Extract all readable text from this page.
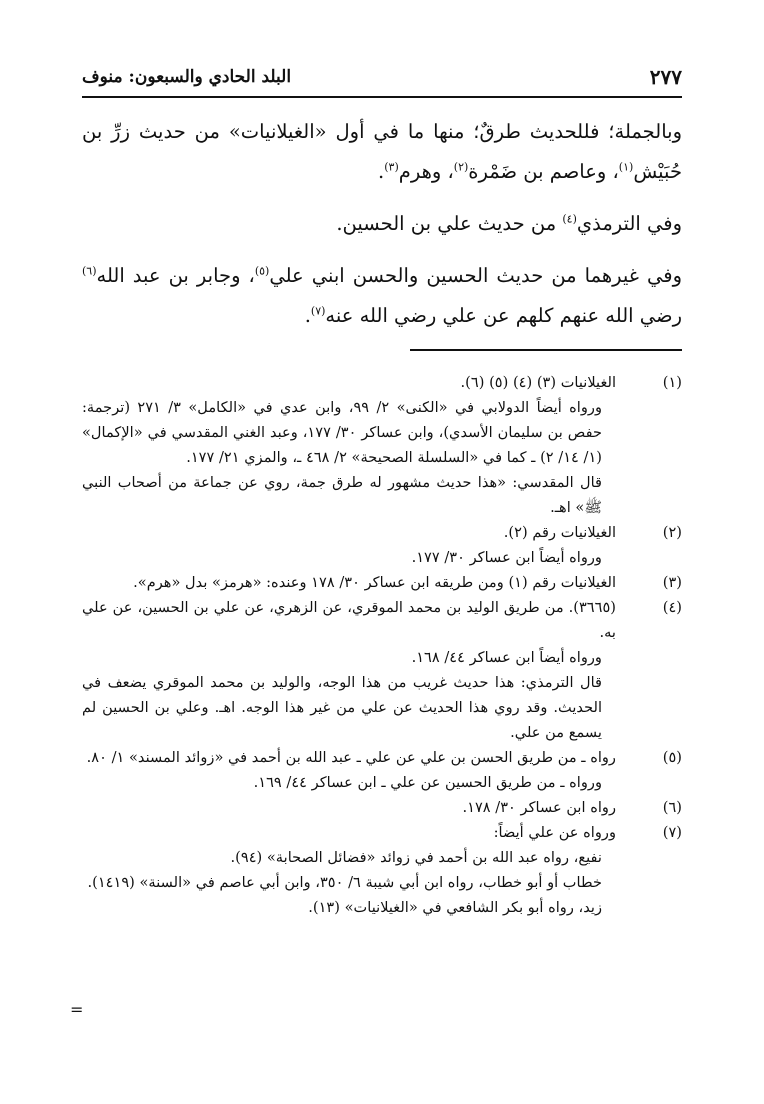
البلد الحادي والسبعون: منوف	٢٧٧

وبالجملة؛ فللحديث طرقٌ؛ منها ما في أول «الغيلانيات» من حديث زرِّ بن حُبَيْش$^{(١)}$، وعاصم بن ضَمْرة$^{(٢)}$، وهرم$^{(٣)}$.

وفي الترمذي$^{(٤)}$ من حديث علي بن الحسين.

وفي غيرهما من حديث الحسين والحسن ابني علي$^{(٥)}$، وجابر بن عبد الله$^{(٦)}$ رضي الله عنهم كلهم عن علي رضي الله عنه$^{(٧)}$.

(١)
الغيلانيات (٣) (٤) (٥) (٦).
ورواه أيضاً الدولابي في «الكنى» ٢/ ٩٩، وابن عدي في «الكامل» ٣/ ٢٧١ (ترجمة: حفص بن سليمان الأسدي)، وابن عساكر ٣٠/ ١٧٧، وعبد الغني المقدسي في «الإكمال» (١/ ١٤/ ٢) ـ كما في «السلسلة الصحيحة» ٢/ ٤٦٨ ـ، والمزي ٢١/ ١٧٧.
قال المقدسي: «هذا حديث مشهور له طرق جمة، روي عن جماعة من أصحاب النبي ﷺ» اهـ.
(٢)
الغيلانيات رقم (٢).
ورواه أيضاً ابن عساكر ٣٠/ ١٧٧.
(٣)
الغيلانيات رقم (١) ومن طريقه ابن عساكر ٣٠/ ١٧٨ وعنده: «هرمز» بدل «هرم».
(٤)
(٣٦٦٥). من طريق الوليد بن محمد الموقري، عن الزهري، عن علي بن الحسين، عن علي به.
ورواه أيضاً ابن عساكر ٤٤/ ١٦٨.
قال الترمذي: هذا حديث غريب من هذا الوجه، والوليد بن محمد الموقري يضعف في الحديث. وقد روي هذا الحديث عن علي من غير هذا الوجه. اهـ. وعلي بن الحسين لم يسمع من علي.
(٥)
رواه ـ من طريق الحسن بن علي عن علي ـ عبد الله بن أحمد في «زوائد المسند» ١/ ٨٠.
ورواه ـ من طريق الحسين عن علي ـ ابن عساكر ٤٤/ ١٦٩.
(٦)
رواه ابن عساكر ٣٠/ ١٧٨.
(٧)
ورواه عن علي أيضاً:
نفيع، رواه عبد الله بن أحمد في زوائد «فضائل الصحابة» (٩٤).
خطاب أو أبو خطاب، رواه ابن أبي شيبة ٦/ ٣٥٠، وابن أبي عاصم في «السنة» (١٤١٩).
زيد، رواه أبو بكر الشافعي في «الغيلانيات» (١٣).
=
